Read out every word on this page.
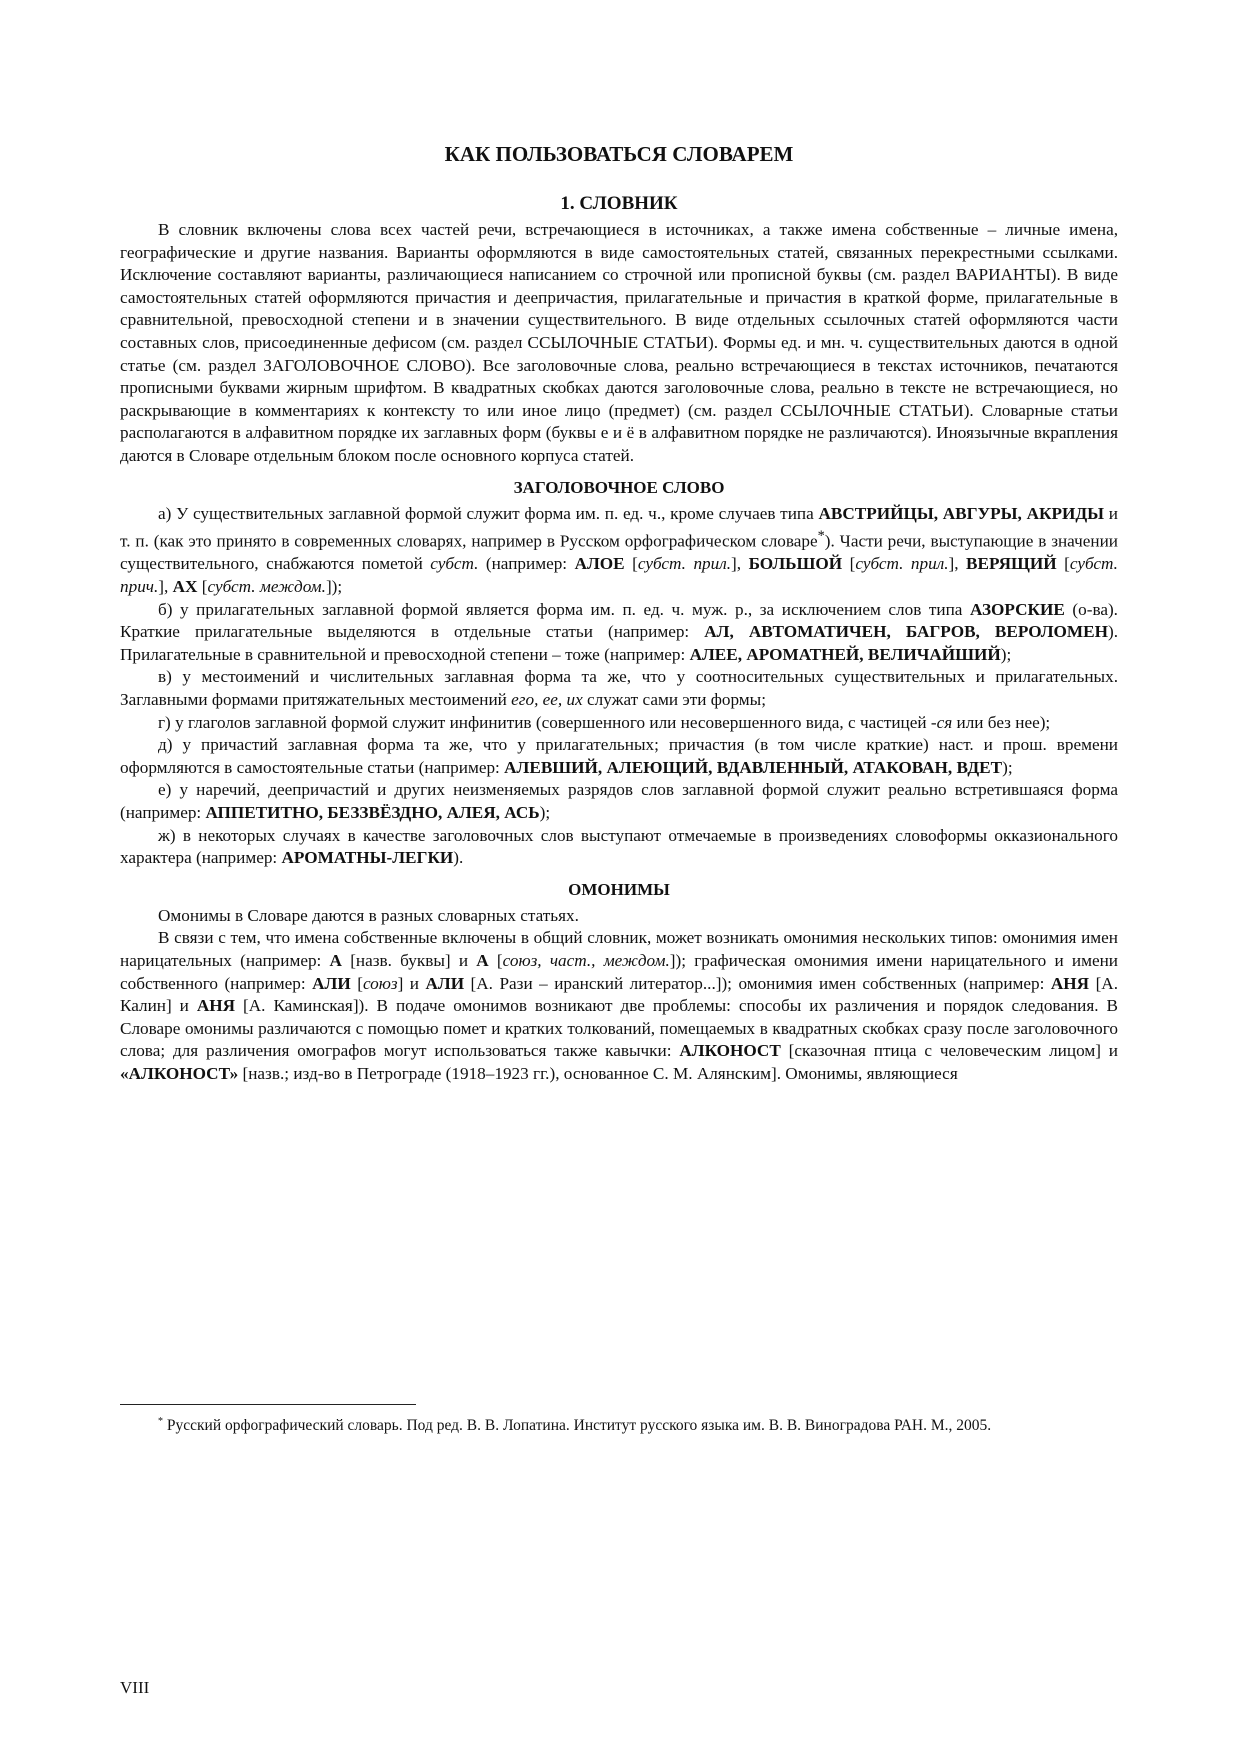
КАК ПОЛЬЗОВАТЬСЯ СЛОВАРЕМ
1. СЛОВНИК

В словник включены слова всех частей речи, встречающиеся в источниках, а также имена собственные – личные имена, географические и другие названия. Варианты оформляются в виде самостоятельных статей, связанных перекрестными ссылками. Исключение составляют варианты, различающиеся написанием со строчной или прописной буквы (см. раздел ВАРИАНТЫ). В виде самостоятельных статей оформляются причастия и деепричастия, прилагательные и причастия в краткой форме, прилагательные в сравнительной, превосходной степени и в значении существительного. В виде отдельных ссылочных статей оформляются части составных слов, присоединенные дефисом (см. раздел ССЫЛОЧНЫЕ СТАТЬИ). Формы ед. и мн. ч. существительных даются в одной статье (см. раздел ЗАГОЛОВОЧНОЕ СЛОВО). Все заголовочные слова, реально встречающиеся в текстах источников, печатаются прописными буквами жирным шрифтом. В квадратных скобках даются заголовочные слова, реально в тексте не встречающиеся, но раскрывающие в комментариях к контексту то или иное лицо (предмет) (см. раздел ССЫЛОЧНЫЕ СТАТЬИ). Словарные статьи располагаются в алфавитном порядке их заглавных форм (буквы е и ё в алфавитном порядке не различаются). Иноязычные вкрапления даются в Словаре отдельным блоком после основного корпуса статей.

ЗАГОЛОВОЧНОЕ СЛОВО

а) У существительных заглавной формой служит форма им. п. ед. ч., кроме случаев типа АВСТРИЙЦЫ, АВГУРЫ, АКРИДЫ и т. п. (как это принято в современных словарях, например в Русском орфографическом словаре*). Части речи, выступающие в значении существительного, снабжаются пометой субст. (например: АЛОЕ [субст. прил.], БОЛЬШОЙ [субст. прил.], ВЕРЯЩИЙ [субст. прич.], АХ [субст. междом.]);

б) у прилагательных заглавной формой является форма им. п. ед. ч. муж. р., за исключением слов типа АЗОРСКИЕ (о-ва). Краткие прилагательные выделяются в отдельные статьи (например: АЛ, АВТОМАТИЧЕН, БАГРОВ, ВЕРОЛОМЕН). Прилагательные в сравнительной и превосходной степени – тоже (например: АЛЕЕ, АРОМАТНЕЙ, ВЕЛИЧАЙШИЙ);

в) у местоимений и числительных заглавная форма та же, что у соотносительных существительных и прилагательных. Заглавными формами притяжательных местоимений его, ее, их служат сами эти формы;

г) у глаголов заглавной формой служит инфинитив (совершенного или несовершенного вида, с частицей -ся или без нее);

д) у причастий заглавная форма та же, что у прилагательных; причастия (в том числе краткие) наст. и прош. времени оформляются в самостоятельные статьи (например: АЛЕВШИЙ, АЛЕЮЩИЙ, ВДАВЛЕННЫЙ, АТАКОВАН, ВДЕТ);

е) у наречий, деепричастий и других неизменяемых разрядов слов заглавной формой служит реально встретившаяся форма (например: АППЕТИТНО, БЕЗЗВЁЗДНО, АЛЕЯ, АСЬ);

ж) в некоторых случаях в качестве заголовочных слов выступают отмечаемые в произведениях словоформы окказионального характера (например: АРОМАТНЫ-ЛЕГКИ).

ОМОНИМЫ

Омонимы в Словаре даются в разных словарных статьях.

В связи с тем, что имена собственные включены в общий словник, может возникать омонимия нескольких типов: омонимия имен нарицательных (например: А [назв. буквы] и А [союз, част., междом.]); графическая омонимия имени нарицательного и имени собственного (например: АЛИ [союз] и АЛИ [А. Рази – иранский литератор...]); омонимия имен собственных (например: АНЯ [А. Калин] и АНЯ [А. Каминская]). В подаче омонимов возникают две проблемы: способы их различения и порядок следования. В Словаре омонимы различаются с помощью помет и кратких толкований, помещаемых в квадратных скобках сразу после заголовочного слова; для различения омографов могут использоваться также кавычки: АЛКОНОСТ [сказочная птица с человеческим лицом] и «АЛКОНОСТ» [назв.; изд-во в Петрограде (1918–1923 гг.), основанное С. М. Алянским]. Омонимы, являющиеся

* Русский орфографический словарь. Под ред. В. В. Лопатина. Институт русского языка им. В. В. Виноградова РАН. М., 2005.
VIII
